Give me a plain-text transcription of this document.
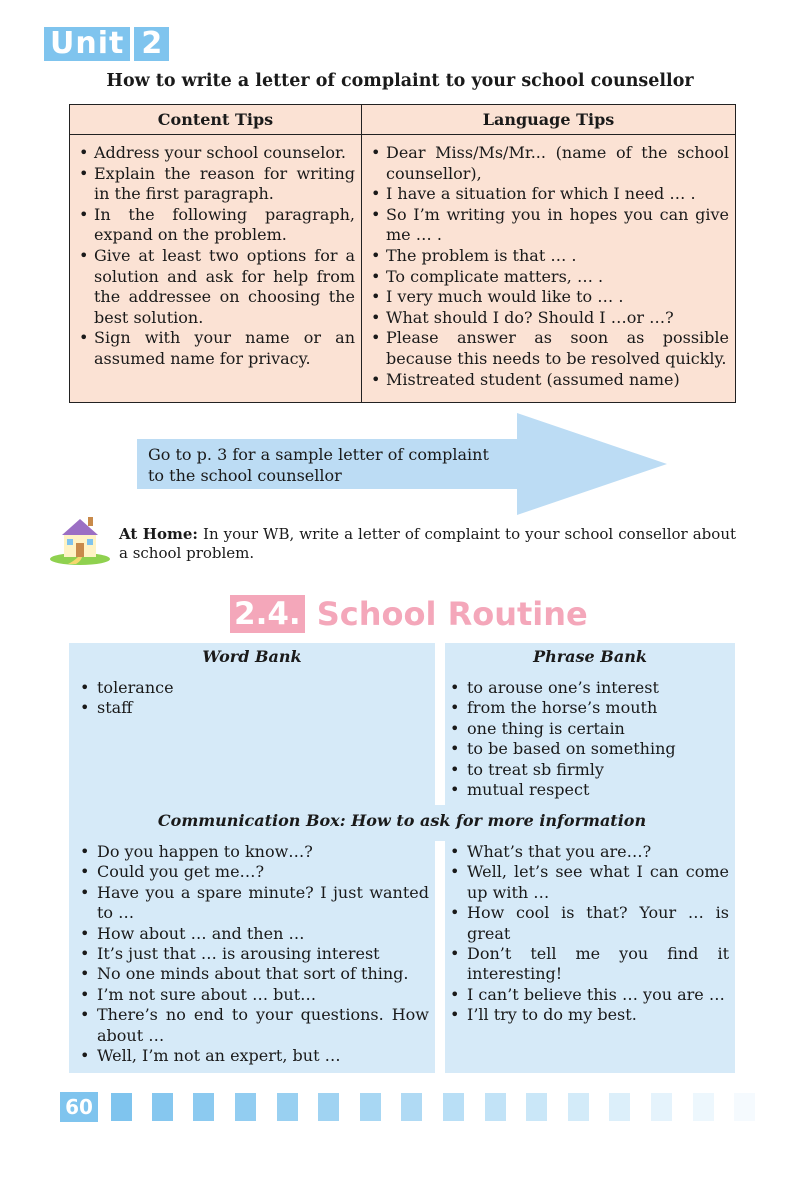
Unit 2
How to write a letter of complaint to your school counsellor
Content Tips
• Address your school counselor.
• Explain the reason for writing in the first paragraph.
• In the following paragraph, expand on the problem.
• Give at least two options for a solution and ask for help from the addressee on choosing the best solution.
• Sign with your name or an assumed name for privacy.
Language Tips
• Dear Miss/Ms/Mr... (name of the school counsellor),
• I have a situation for which I need … .
• So I’m writing you in hopes you can give me … .
• The problem is that … .
• To complicate matters, … .
• I very much would like to … .
• What should I do? Should I …or …?
• Please answer as soon as possible because this needs to be resolved quickly.
• Mistreated student (assumed name)
Go to p. 3 for a sample letter of complaint
to the school counsellor
At Home: In your WB, write a letter of complaint to your school consellor about a school problem.
2.4. School Routine
Word Bank
• tolerance
• staff
Phrase Bank
• to arouse one’s interest
• from the horse’s mouth
• one thing is certain
• to be based on something
• to treat sb firmly
• mutual respect
Communication Box: How to ask for more information
• Do you happen to know…?
• Could you get me…?
• Have you a spare minute? I just wanted to …
• How about … and then …
• It’s just that … is arousing interest
• No one minds about that sort of thing.
• I’m not sure about … but…
• There’s no end to your questions. How about …
• Well, I’m not an expert, but …
• What’s that you are…?
• Well, let’s see what I can come up with …
• How cool is that? Your … is great
• Don’t tell me you find it interesting!
• I can’t believe this … you are …
• I’ll try to do my best.
60
